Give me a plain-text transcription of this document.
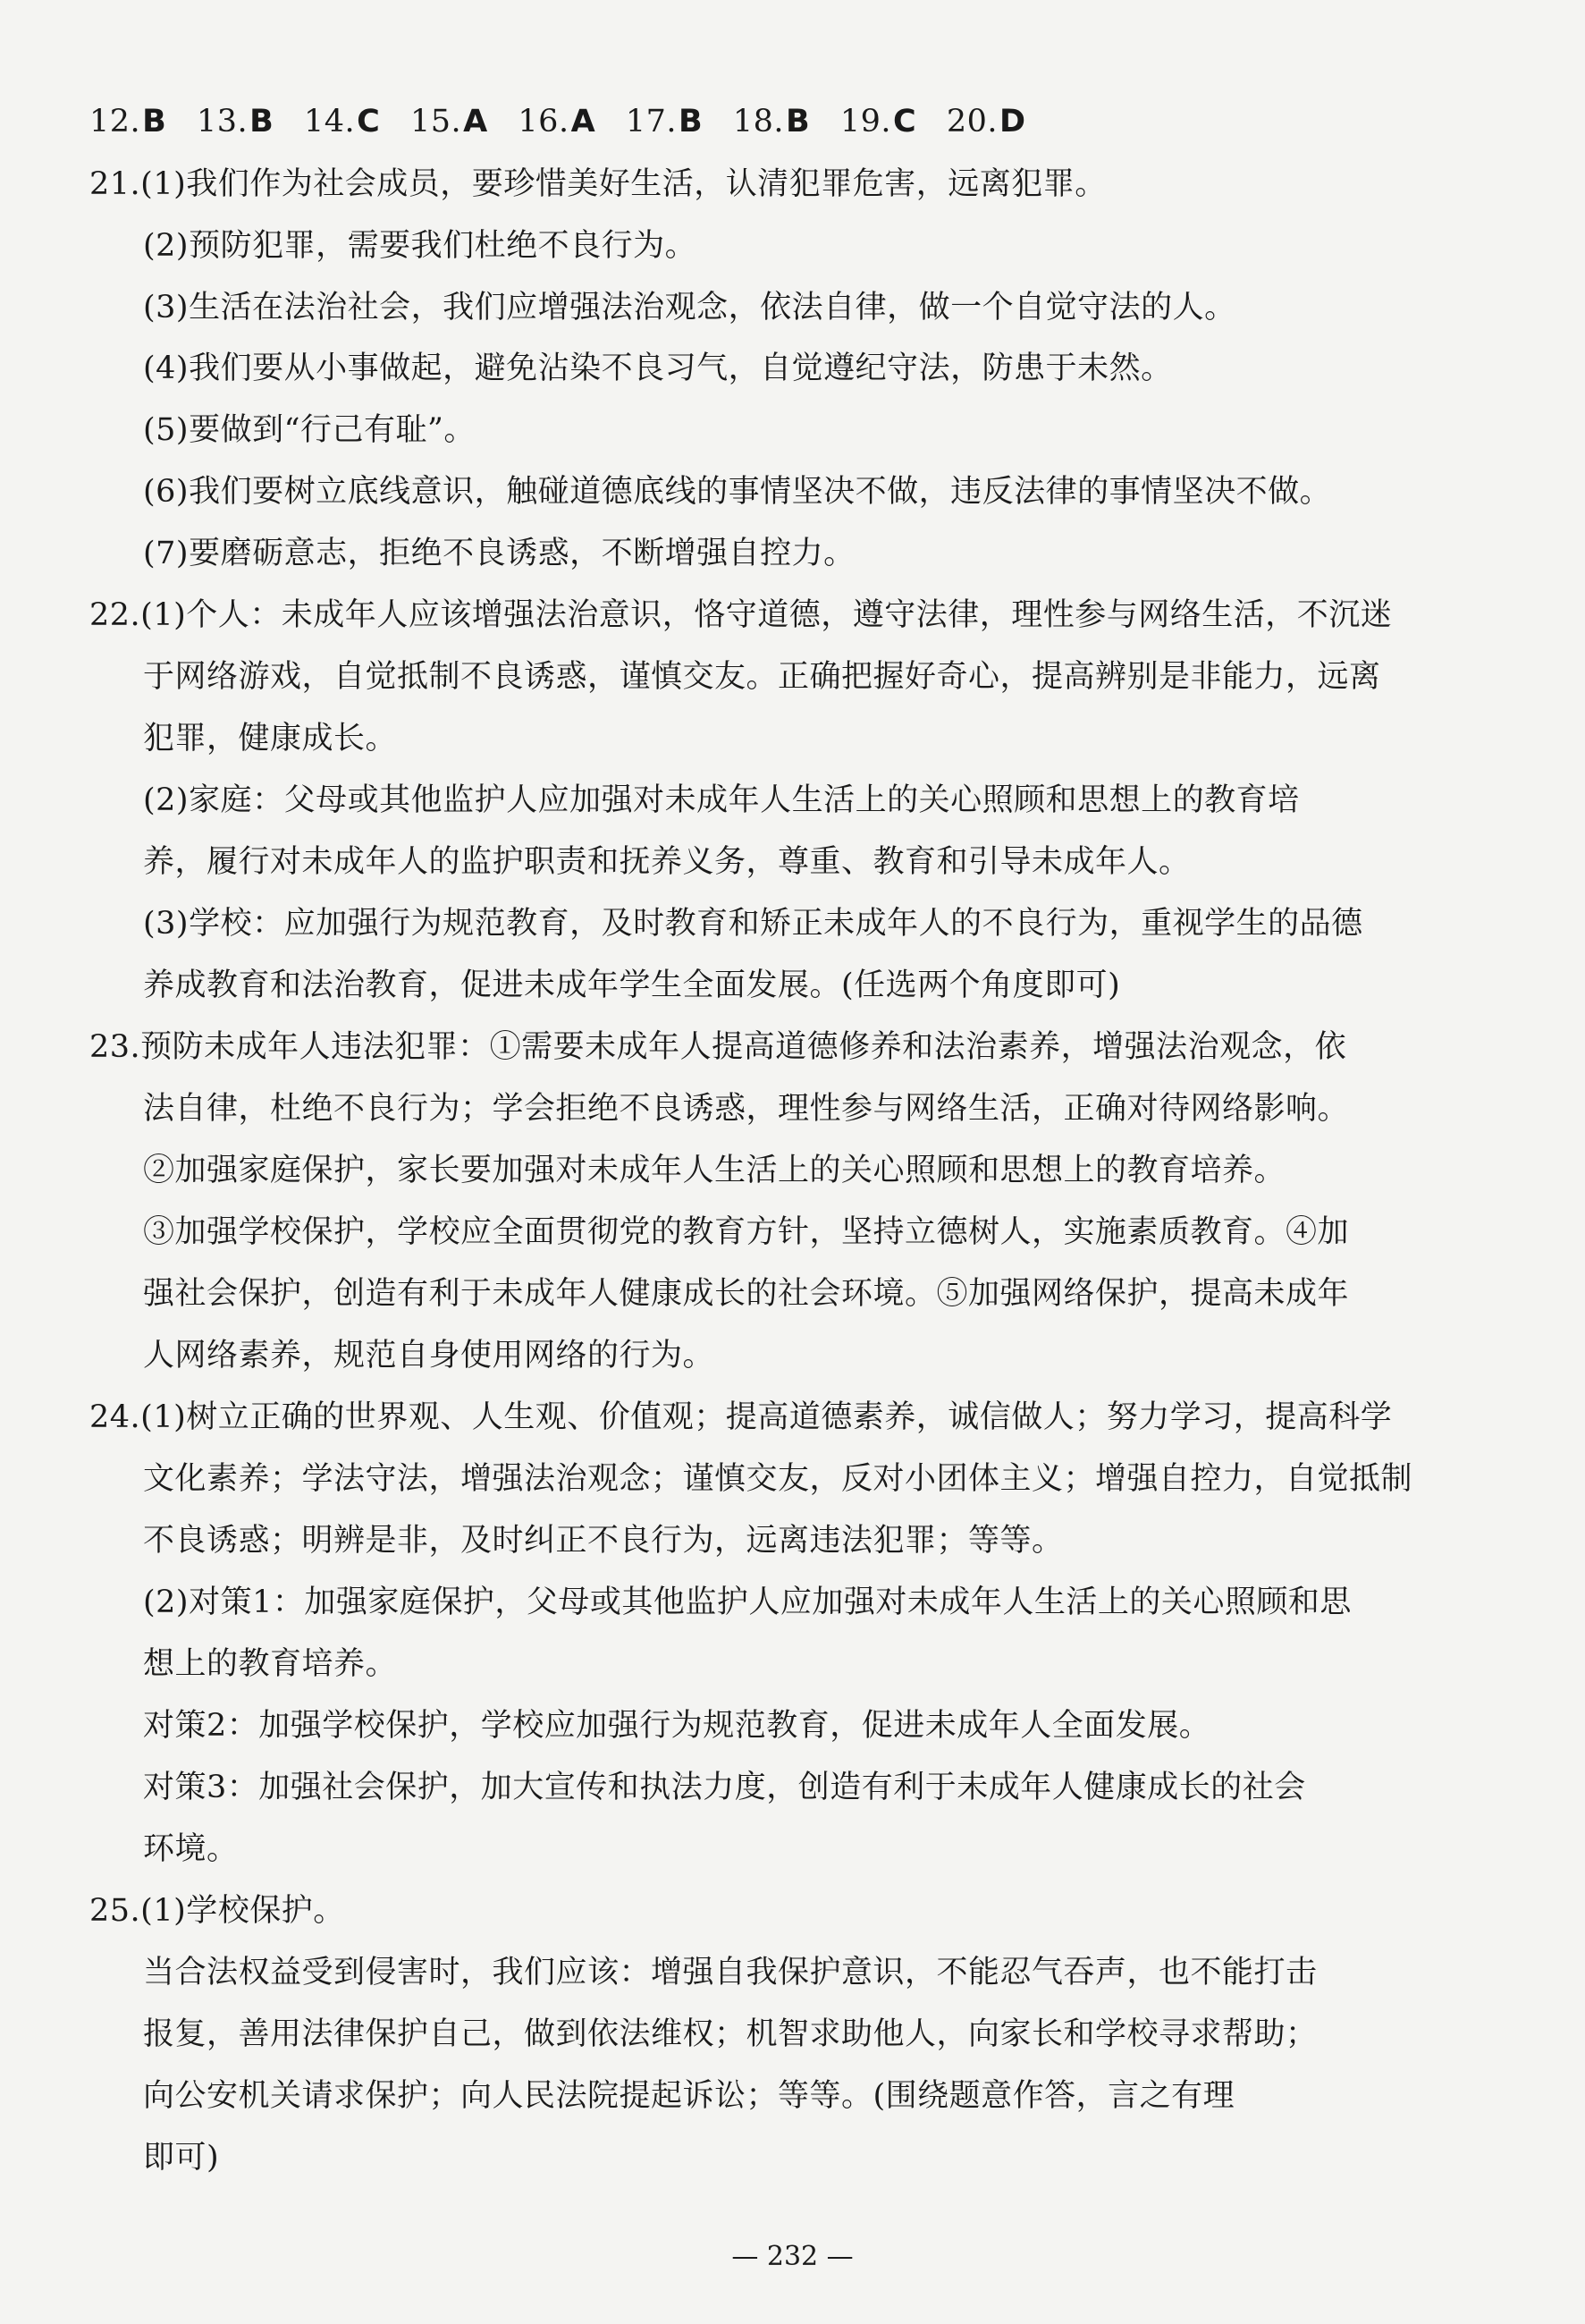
12.B 13.B 14.C 15.A 16.A 17.B 18.B 19.C 20.D
21.(1)我们作为社会成员，要珍惜美好生活，认清犯罪危害，远离犯罪。
(2)预防犯罪，需要我们杜绝不良行为。
(3)生活在法治社会，我们应增强法治观念，依法自律，做一个自觉守法的人。
(4)我们要从小事做起，避免沾染不良习气，自觉遵纪守法，防患于未然。
(5)要做到“行己有耻”。
(6)我们要树立底线意识，触碰道德底线的事情坚决不做，违反法律的事情坚决不做。
(7)要磨砺意志，拒绝不良诱惑，不断增强自控力。
22.(1)个人：未成年人应该增强法治意识，恪守道德，遵守法律，理性参与网络生活，不沉迷
于网络游戏，自觉抵制不良诱惑，谨慎交友。正确把握好奇心，提高辨别是非能力，远离
犯罪，健康成长。
(2)家庭：父母或其他监护人应加强对未成年人生活上的关心照顾和思想上的教育培
养，履行对未成年人的监护职责和抚养义务，尊重、教育和引导未成年人。
(3)学校：应加强行为规范教育，及时教育和矫正未成年人的不良行为，重视学生的品德
养成教育和法治教育，促进未成年学生全面发展。(任选两个角度即可)
23.预防未成年人违法犯罪：①需要未成年人提高道德修养和法治素养，增强法治观念，依
法自律，杜绝不良行为；学会拒绝不良诱惑，理性参与网络生活，正确对待网络影响。
②加强家庭保护，家长要加强对未成年人生活上的关心照顾和思想上的教育培养。
③加强学校保护，学校应全面贯彻党的教育方针，坚持立德树人，实施素质教育。④加
强社会保护，创造有利于未成年人健康成长的社会环境。⑤加强网络保护，提高未成年
人网络素养，规范自身使用网络的行为。
24.(1)树立正确的世界观、人生观、价值观；提高道德素养，诚信做人；努力学习，提高科学
文化素养；学法守法，增强法治观念；谨慎交友，反对小团体主义；增强自控力，自觉抵制
不良诱惑；明辨是非，及时纠正不良行为，远离违法犯罪；等等。
(2)对策1：加强家庭保护，父母或其他监护人应加强对未成年人生活上的关心照顾和思
想上的教育培养。
对策2：加强学校保护，学校应加强行为规范教育，促进未成年人全面发展。
对策3：加强社会保护，加大宣传和执法力度，创造有利于未成年人健康成长的社会
环境。
25.(1)学校保护。
当合法权益受到侵害时，我们应该：增强自我保护意识，不能忍气吞声，也不能打击
报复，善用法律保护自己，做到依法维权；机智求助他人，向家长和学校寻求帮助；
向公安机关请求保护；向人民法院提起诉讼；等等。(围绕题意作答，言之有理
即可)
— 232 —
